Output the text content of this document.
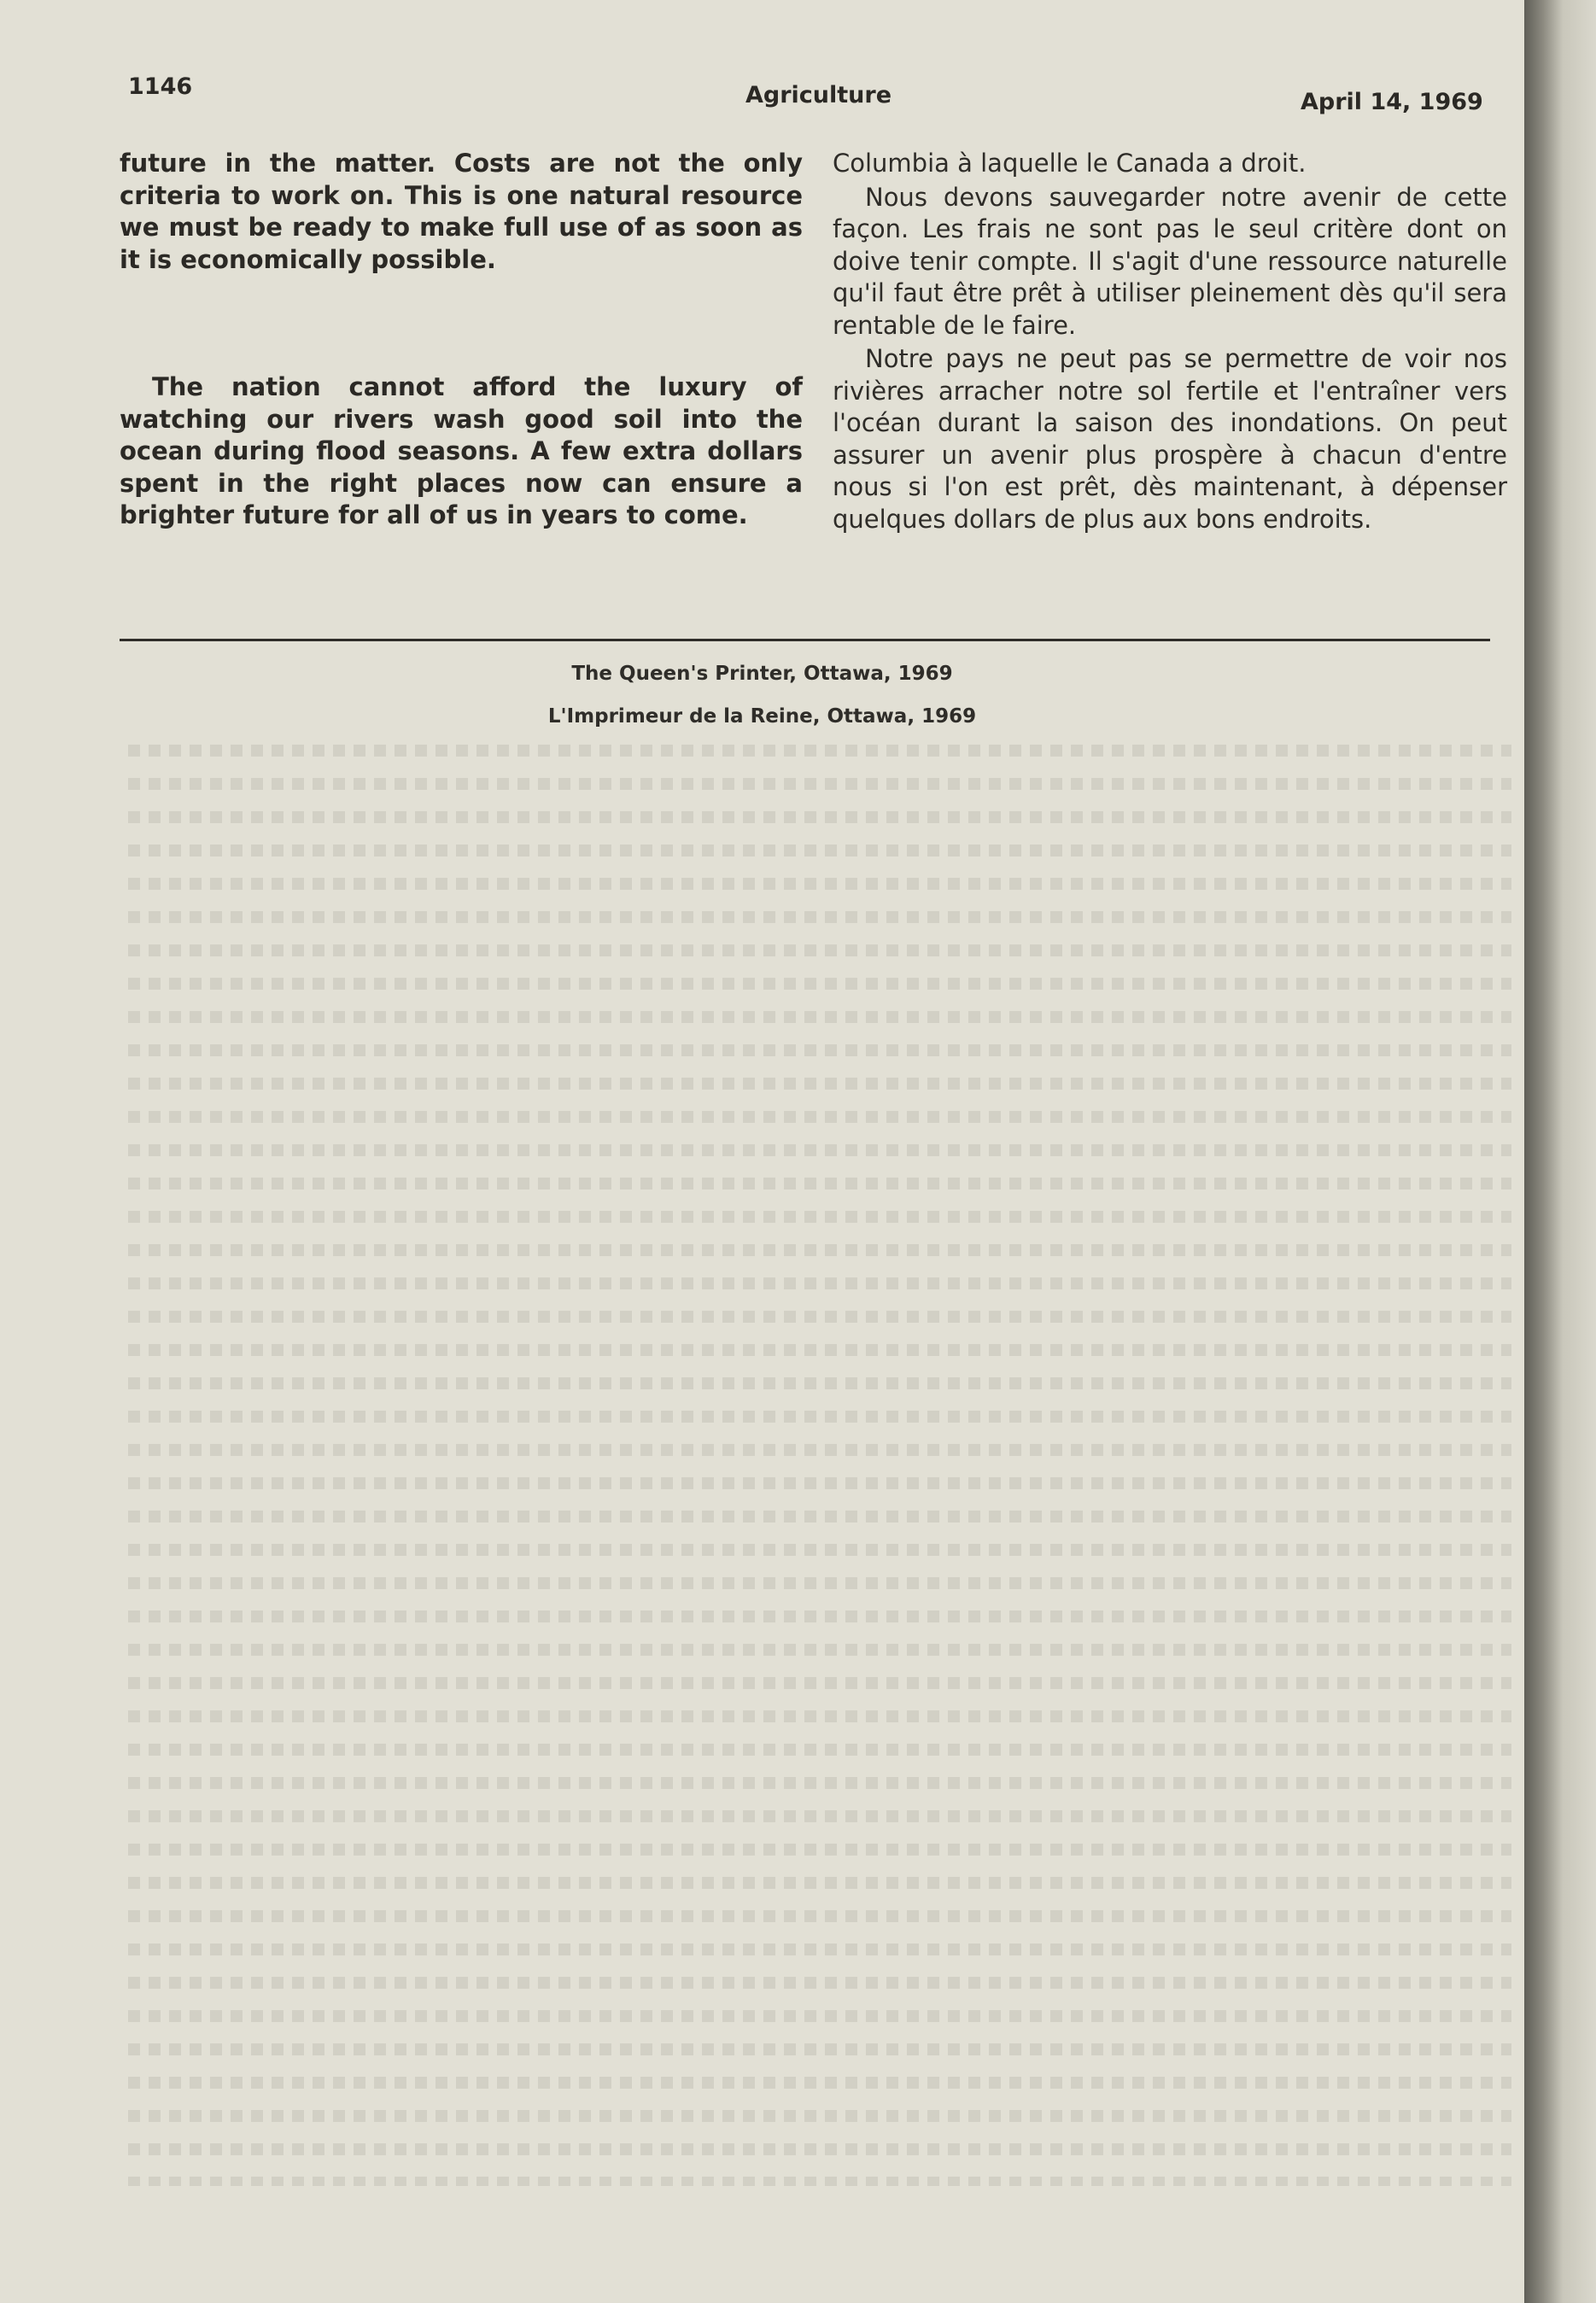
1146	Agriculture	April 14, 1969

future in the matter. Costs are not the only criteria to work on. This is one natural resource we must be ready to make full use of as soon as it is economically possible.

The nation cannot afford the luxury of watching our rivers wash good soil into the ocean during flood seasons. A few extra dollars spent in the right places now can ensure a brighter future for all of us in years to come.

Columbia à laquelle le Canada a droit.

Nous devons sauvegarder notre avenir de cette façon. Les frais ne sont pas le seul critère dont on doive tenir compte. Il s'agit d'une ressource naturelle qu'il faut être prêt à utiliser pleinement dès qu'il sera rentable de le faire.

Notre pays ne peut pas se permettre de voir nos rivières arracher notre sol fertile et l'entraîner vers l'océan durant la saison des inondations. On peut assurer un avenir plus prospère à chacun d'entre nous si l'on est prêt, dès maintenant, à dépenser quelques dollars de plus aux bons endroits.

The Queen's Printer, Ottawa, 1969
L'Imprimeur de la Reine, Ottawa, 1969
